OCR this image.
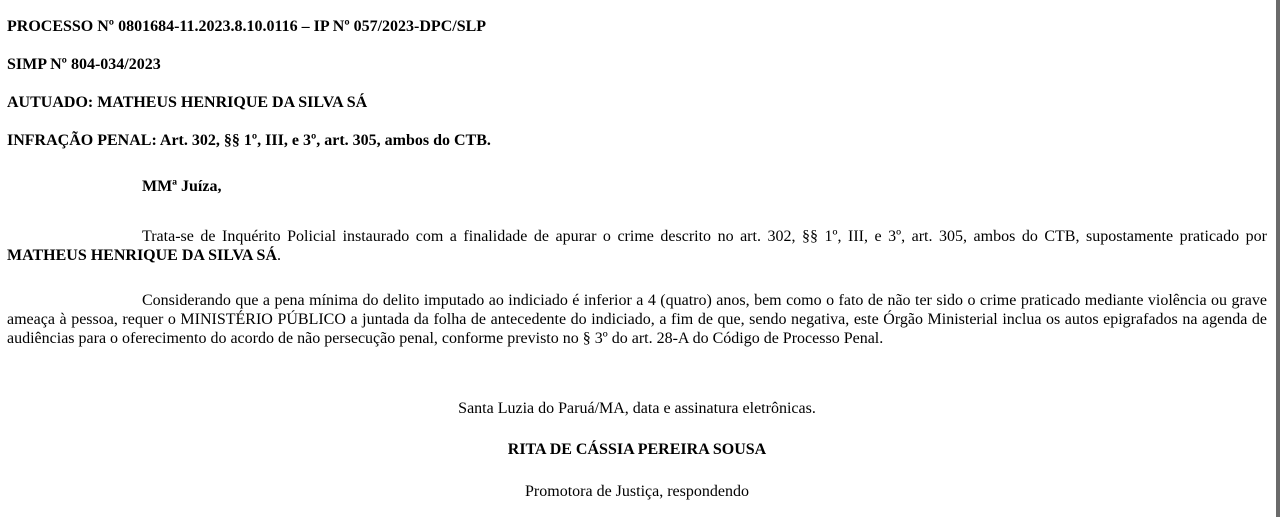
PROCESSO Nº 0801684-11.2023.8.10.0116 – IP Nº 057/2023-DPC/SLP
SIMP Nº 804-034/2023
AUTUADO: MATHEUS HENRIQUE DA SILVA SÁ
INFRAÇÃO PENAL: Art. 302, §§ 1º, III, e 3º, art. 305, ambos do CTB.
MMª Juíza,

Trata-se de Inquérito Policial instaurado com a finalidade de apurar o crime descrito no art. 302, §§ 1º, III, e 3º, art. 305, ambos do CTB, supostamente praticado por MATHEUS HENRIQUE DA SILVA SÁ.

Considerando que a pena mínima do delito imputado ao indiciado é inferior a 4 (quatro) anos, bem como o fato de não ter sido o crime praticado mediante violência ou grave ameaça à pessoa, requer o MINISTÉRIO PÚBLICO a juntada da folha de antecedente do indiciado, a fim de que, sendo negativa, este Órgão Ministerial inclua os autos epigrafados na agenda de audiências para o oferecimento do acordo de não persecução penal, conforme previsto no § 3º do art. 28-A do Código de Processo Penal.

Santa Luzia do Paruá/MA, data e assinatura eletrônicas.
RITA DE CÁSSIA PEREIRA SOUSA
Promotora de Justiça, respondendo
